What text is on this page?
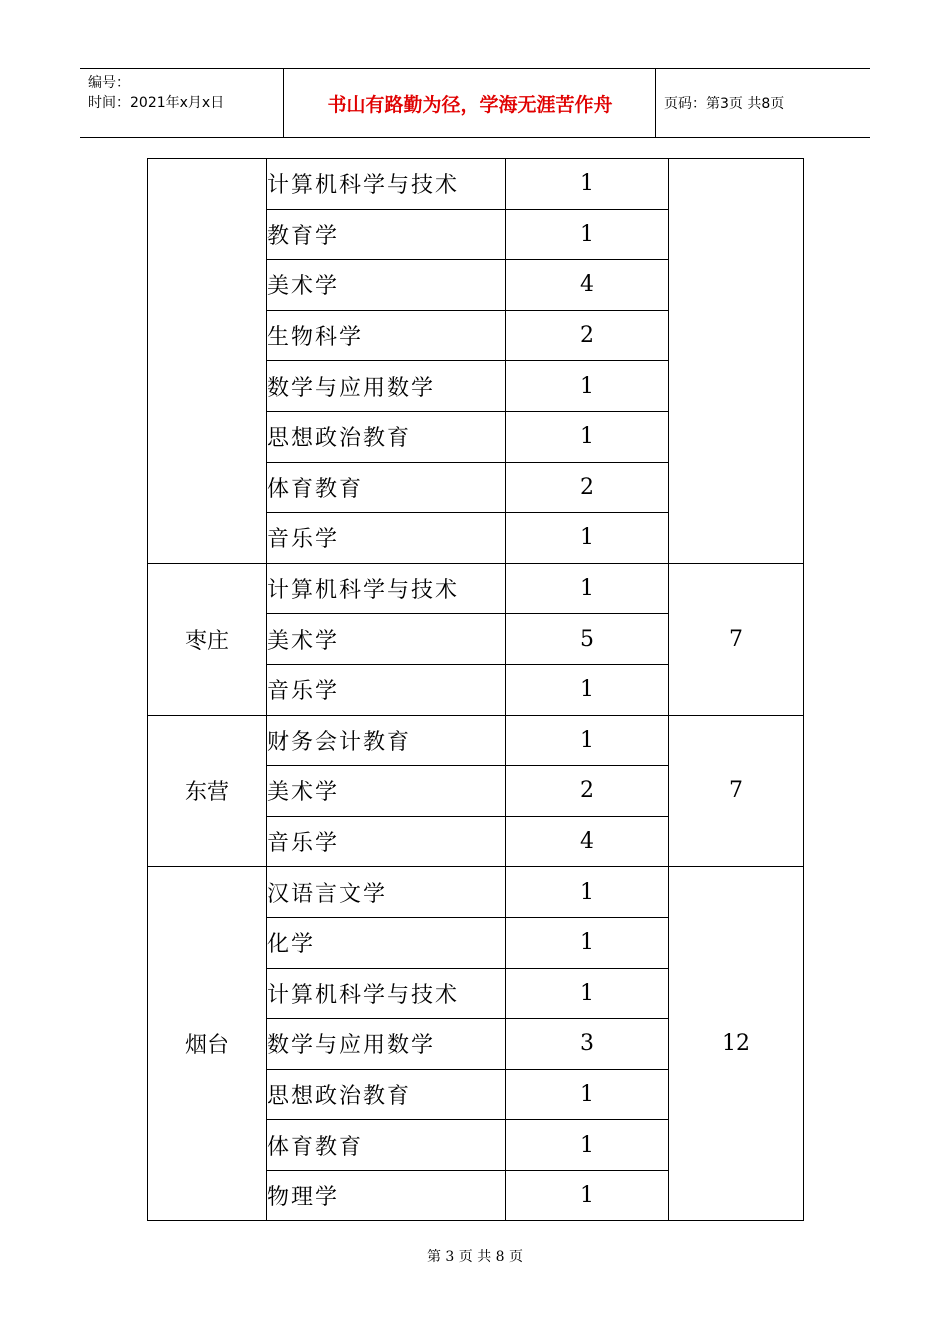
编号：
时间：2021年x月x日	书山有路勤为径，学海无涯苦作舟	页码：第3页 共8页
	计算机科学与技术	1	
	教育学	1	
	美术学	4	
	生物科学	2	
	数学与应用数学	1	
	思想政治教育	1	
	体育教育	2	
	音乐学	1	
枣庄	计算机科学与技术	1	7
	美术学	5	
	音乐学	1	
东营	财务会计教育	1	7
	美术学	2	
	音乐学	4	
烟台	汉语言文学	1	12
	化学	1	
	计算机科学与技术	1	
	数学与应用数学	3	
	思想政治教育	1	
	体育教育	1	
	物理学	1	
第 3 页 共 8 页
